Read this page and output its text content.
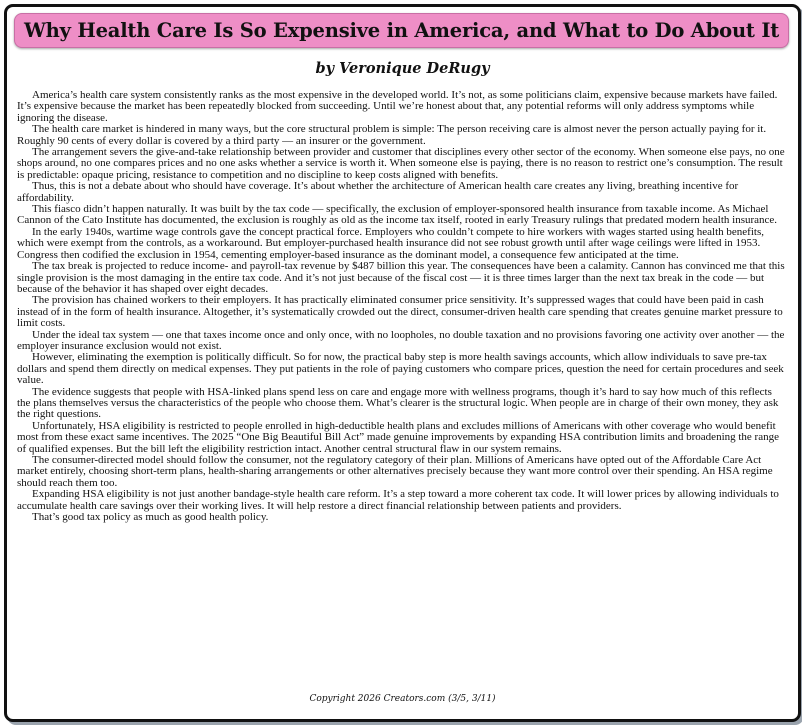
Why Health Care Is So Expensive in America, and What to Do About It
by Veronique DeRugy

America’s health care system consistently ranks as the most expensive in the developed world. It’s not, as some politicians claim, expensive because markets have failed. It’s expensive because the market has been repeatedly blocked from succeeding. Until we’re honest about that, any potential reforms will only address symptoms while ignoring the disease.

The health care market is hindered in many ways, but the core structural problem is simple: The person receiving care is almost never the person actually paying for it. Roughly 90 cents of every dollar is covered by a third party — an insurer or the government.

The arrangement severs the give-and-take relationship between provider and customer that disciplines every other sector of the economy. When someone else pays, no one shops around, no one compares prices and no one asks whether a service is worth it. When someone else is paying, there is no reason to restrict one’s consumption. The result is predictable: opaque pricing, resistance to competition and no discipline to keep costs aligned with benefits.

Thus, this is not a debate about who should have coverage. It’s about whether the architecture of American health care creates any living, breathing incentive for affordability.

This fiasco didn’t happen naturally. It was built by the tax code — specifically, the exclusion of employer-sponsored health insurance from taxable income. As Michael Cannon of the Cato Institute has documented, the exclusion is roughly as old as the income tax itself, rooted in early Treasury rulings that predated modern health insurance.

In the early 1940s, wartime wage controls gave the concept practical force. Employers who couldn’t compete to hire workers with wages started using health benefits, which were exempt from the controls, as a workaround. But employer-purchased health insurance did not see robust growth until after wage ceilings were lifted in 1953. Congress then codified the exclusion in 1954, cementing employer-based insurance as the dominant model, a consequence few anticipated at the time.

The tax break is projected to reduce income- and payroll-tax revenue by $487 billion this year. The consequences have been a calamity. Cannon has convinced me that this single provision is the most damaging in the entire tax code. And it’s not just because of the fiscal cost — it is three times larger than the next tax break in the code — but because of the behavior it has shaped over eight decades.

The provision has chained workers to their employers. It has practically eliminated consumer price sensitivity. It’s suppressed wages that could have been paid in cash instead of in the form of health insurance. Altogether, it’s systematically crowded out the direct, consumer-driven health care spending that creates genuine market pressure to limit costs.

Under the ideal tax system — one that taxes income once and only once, with no loopholes, no double taxation and no provisions favoring one activity over another — the employer insurance exclusion would not exist.

However, eliminating the exemption is politically difficult. So for now, the practical baby step is more health savings accounts, which allow individuals to save pre-tax dollars and spend them directly on medical expenses. They put patients in the role of paying customers who compare prices, question the need for certain procedures and seek value.

The evidence suggests that people with HSA-linked plans spend less on care and engage more with wellness programs, though it’s hard to say how much of this reflects the plans themselves versus the characteristics of the people who choose them. What’s clearer is the structural logic. When people are in charge of their own money, they ask the right questions.

Unfortunately, HSA eligibility is restricted to people enrolled in high-deductible health plans and excludes millions of Americans with other coverage who would benefit most from these exact same incentives. The 2025 “One Big Beautiful Bill Act” made genuine improvements by expanding HSA contribution limits and broadening the range of qualified expenses. But the bill left the eligibility restriction intact. Another central structural flaw in our system remains.

The consumer-directed model should follow the consumer, not the regulatory category of their plan. Millions of Americans have opted out of the Affordable Care Act market entirely, choosing short-term plans, health-sharing arrangements or other alternatives precisely because they want more control over their spending. An HSA regime should reach them too.

Expanding HSA eligibility is not just another bandage-style health care reform. It’s a step toward a more coherent tax code. It will lower prices by allowing individuals to accumulate health care savings over their working lives. It will help restore a direct financial relationship between patients and providers.

That’s good tax policy as much as good health policy.

Copyright 2026 Creators.com (3/5, 3/11)
